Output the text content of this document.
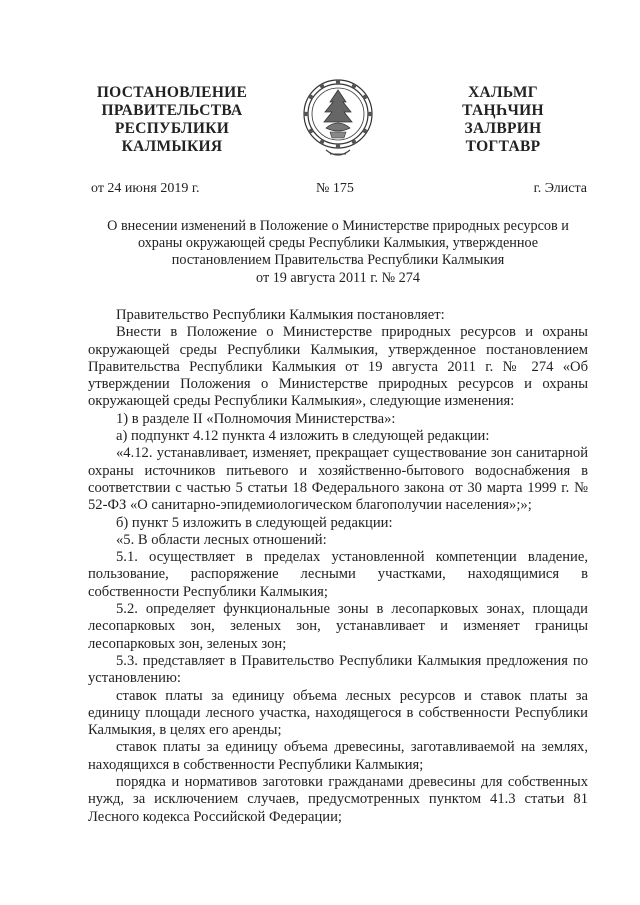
ПОСТАНОВЛЕНИЕ
ПРАВИТЕЛЬСТВА
РЕСПУБЛИКИ
КАЛМЫКИЯ
ХАЛЬМГ
ТАҢҺЧИН
ЗАЛВРИН
ТОГТАВР
от 24 июня 2019 г.	№ 175	г. Элиста
О внесении изменений в Положение о Министерстве природных ресурсов и
охраны окружающей среды Республики Калмыкия, утвержденное
постановлением Правительства Республики Калмыкия
от 19 августа 2011 г. № 274

Правительство Республики Калмыкия постановляет:

Внести в Положение о Министерстве природных ресурсов и охраны окружающей среды Республики Калмыкия, утвержденное постановлением Правительства Республики Калмыкия от 19 августа 2011 г. № 274 «Об утверждении Положения о Министерстве природных ресурсов и охраны окружающей среды Республики Калмыкия», следующие изменения:

1) в разделе II «Полномочия Министерства»:

а) подпункт 4.12 пункта 4 изложить в следующей редакции:

«4.12. устанавливает, изменяет, прекращает существование зон санитарной охраны источников питьевого и хозяйственно-бытового водоснабжения в соответствии с частью 5 статьи 18 Федерального закона от 30 марта 1999 г. № 52-ФЗ «О санитарно-эпидемиологическом благополучии населения»;»;

б) пункт 5 изложить в следующей редакции:

«5. В области лесных отношений:

5.1. осуществляет в пределах установленной компетенции владение, пользование, распоряжение лесными участками, находящимися в собственности Республики Калмыкия;

5.2. определяет функциональные зоны в лесопарковых зонах, площади лесопарковых зон, зеленых зон, устанавливает и изменяет границы лесопарковых зон, зеленых зон;

5.3. представляет в Правительство Республики Калмыкия предложения по установлению:

ставок платы за единицу объема лесных ресурсов и ставок платы за единицу площади лесного участка, находящегося в собственности Республики Калмыкия, в целях его аренды;

ставок платы за единицу объема древесины, заготавливаемой на землях, находящихся в собственности Республики Калмыкия;

порядка и нормативов заготовки гражданами древесины для собственных нужд, за исключением случаев, предусмотренных пунктом 41.3 статьи 81 Лесного кодекса Российской Федерации;
